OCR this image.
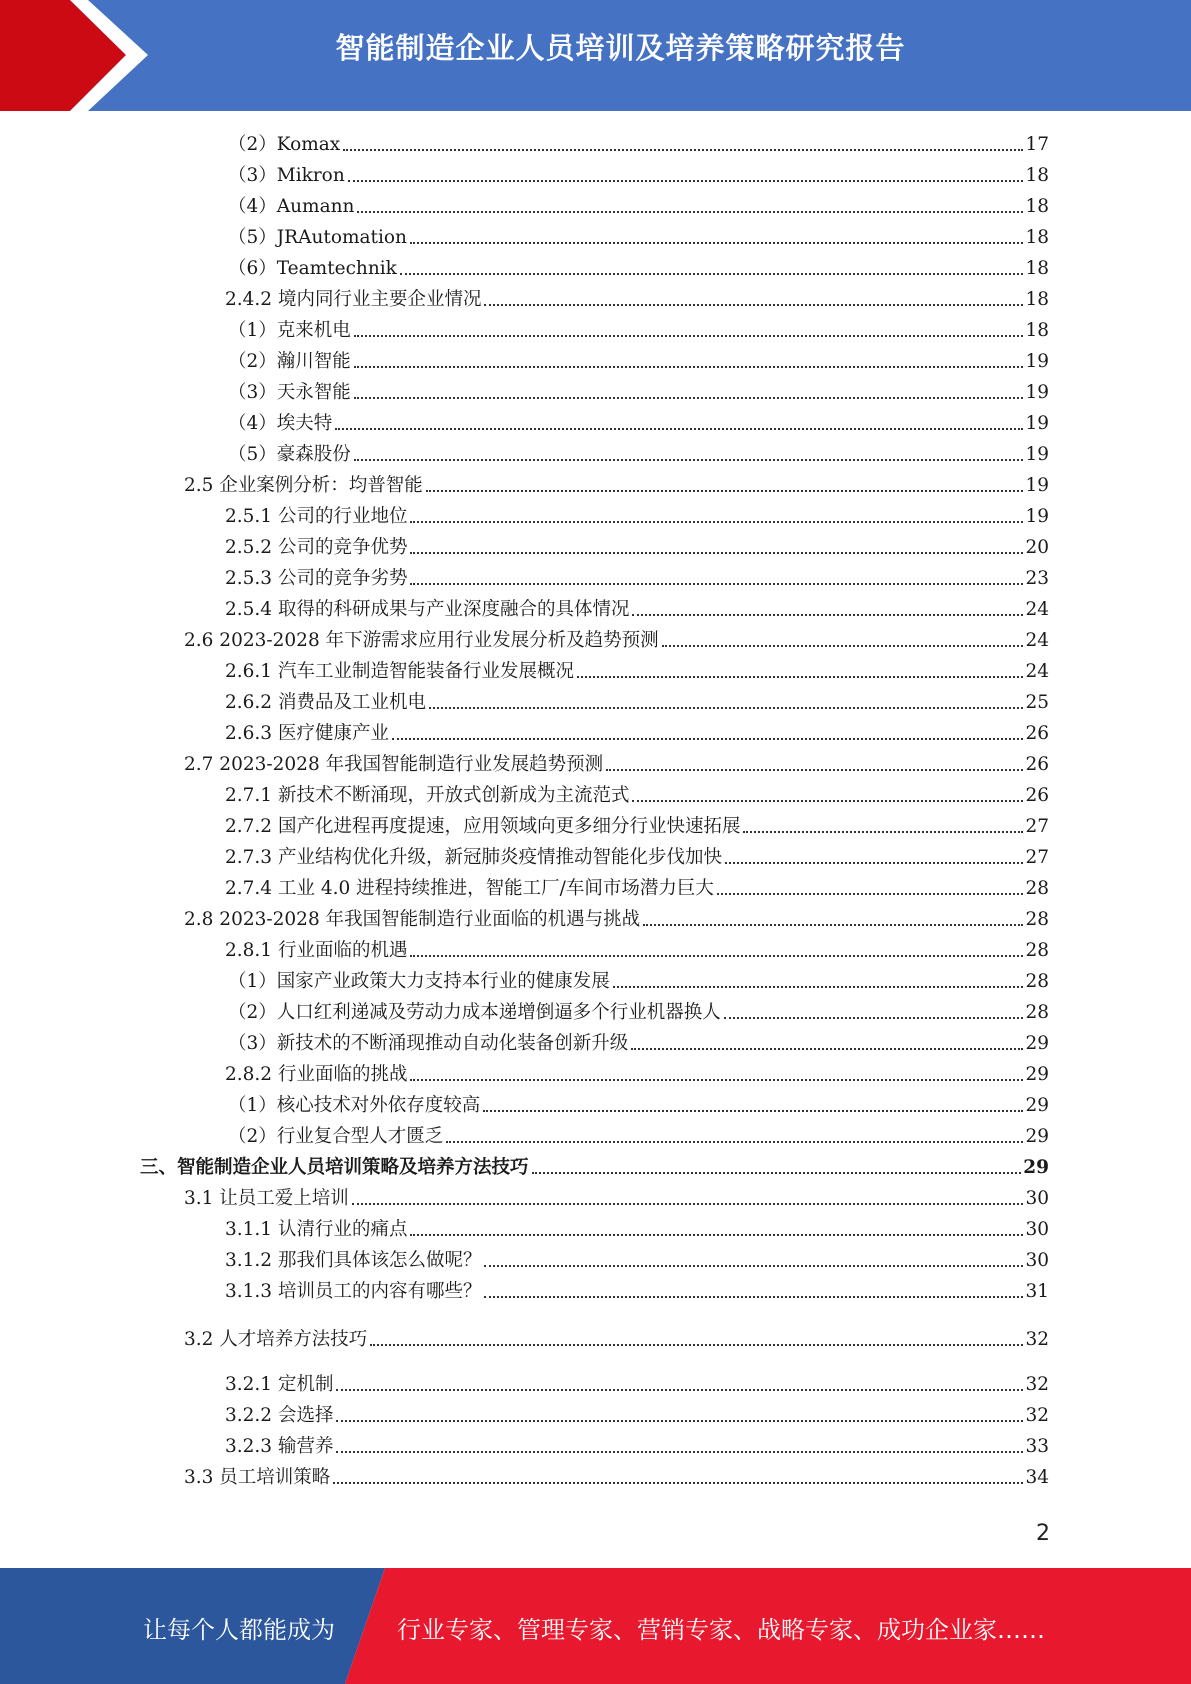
智能制造企业人员培训及培养策略研究报告
（2）Komax	17
（3）Mikron	18
（4）Aumann	18
（5）JRAutomation	18
（6）Teamtechnik	18
2.4.2 境内同行业主要企业情况	18
（1）克来机电	18
（2）瀚川智能	19
（3）天永智能	19
（4）埃夫特	19
（5）豪森股份	19
2.5 企业案例分析：均普智能	19
2.5.1 公司的行业地位	19
2.5.2 公司的竞争优势	20
2.5.3 公司的竞争劣势	23
2.5.4 取得的科研成果与产业深度融合的具体情况	24
2.6 2023-2028 年下游需求应用行业发展分析及趋势预测	24
2.6.1 汽车工业制造智能装备行业发展概况	24
2.6.2 消费品及工业机电	25
2.6.3 医疗健康产业	26
2.7 2023-2028 年我国智能制造行业发展趋势预测	26
2.7.1 新技术不断涌现，开放式创新成为主流范式	26
2.7.2 国产化进程再度提速，应用领域向更多细分行业快速拓展	27
2.7.3 产业结构优化升级，新冠肺炎疫情推动智能化步伐加快	27
2.7.4 工业 4.0 进程持续推进，智能工厂/车间市场潜力巨大	28
2.8 2023-2028 年我国智能制造行业面临的机遇与挑战	28
2.8.1 行业面临的机遇	28
（1）国家产业政策大力支持本行业的健康发展	28
（2）人口红利递减及劳动力成本递增倒逼多个行业机器换人	28
（3）新技术的不断涌现推动自动化装备创新升级	29
2.8.2 行业面临的挑战	29
（1）核心技术对外依存度较高	29
（2）行业复合型人才匮乏	29
三、智能制造企业人员培训策略及培养方法技巧	29
3.1 让员工爱上培训	30
3.1.1 认清行业的痛点	30
3.1.2 那我们具体该怎么做呢？	30
3.1.3 培训员工的内容有哪些？	31
3.2 人才培养方法技巧	32
3.2.1 定机制	32
3.2.2 会选择	32
3.2.3 输营养	33
3.3 员工培训策略	34
2
让每个人都能成为	行业专家、管理专家、营销专家、战略专家、成功企业家……
